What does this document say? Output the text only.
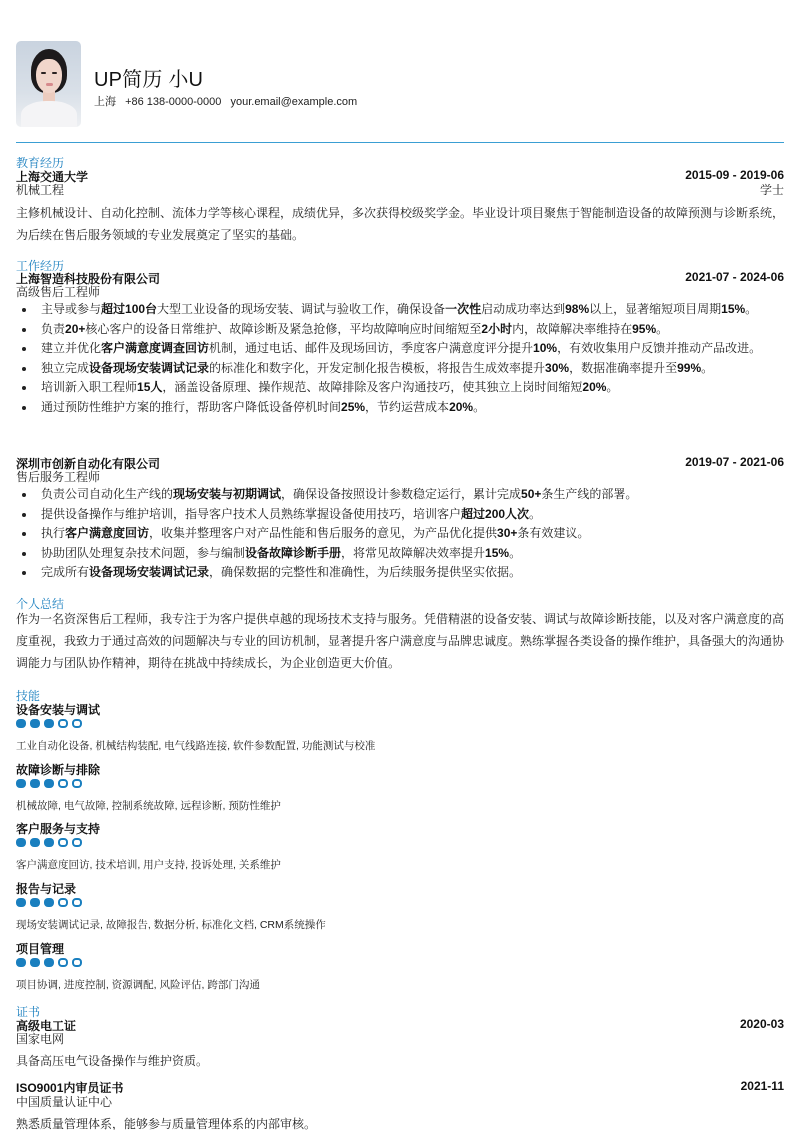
UP简历 小U
上海 +86 138-0000-0000 your.email@example.com
教育经历
上海交通大学	2015-09 - 2019-06
机械工程	学士
主修机械设计、自动化控制、流体力学等核心课程，成绩优异，多次获得校级奖学金。毕业设计项目聚焦于智能制造设备的故障预测与诊断系统，为后续在售后服务领域的专业发展奠定了坚实的基础。
工作经历
上海智造科技股份有限公司	2021-07 - 2024-06
高级售后工程师
主导或参与超过100台大型工业设备的现场安装、调试与验收工作，确保设备一次性启动成功率达到98%以上，显著缩短项目周期15%。
负责20+核心客户的设备日常维护、故障诊断及紧急抢修，平均故障响应时间缩短至2小时内，故障解决率维持在95%。
建立并优化客户满意度调查回访机制，通过电话、邮件及现场回访，季度客户满意度评分提升10%，有效收集用户反馈并推动产品改进。
独立完成设备现场安装调试记录的标准化和数字化，开发定制化报告模板，将报告生成效率提升30%，数据准确率提升至99%。
培训新入职工程师15人，涵盖设备原理、操作规范、故障排除及客户沟通技巧，使其独立上岗时间缩短20%。
通过预防性维护方案的推行，帮助客户降低设备停机时间25%，节约运营成本20%。
深圳市创新自动化有限公司	2019-07 - 2021-06
售后服务工程师
负责公司自动化生产线的现场安装与初期调试，确保设备按照设计参数稳定运行，累计完成50+条生产线的部署。
提供设备操作与维护培训，指导客户技术人员熟练掌握设备使用技巧，培训客户超过200人次。
执行客户满意度回访，收集并整理客户对产品性能和售后服务的意见，为产品优化提供30+条有效建议。
协助团队处理复杂技术问题，参与编制设备故障诊断手册，将常见故障解决效率提升15%。
完成所有设备现场安装调试记录，确保数据的完整性和准确性，为后续服务提供坚实依据。
个人总结
作为一名资深售后工程师，我专注于为客户提供卓越的现场技术支持与服务。凭借精湛的设备安装、调试与故障诊断技能，以及对客户满意度的高度重视，我致力于通过高效的问题解决与专业的回访机制，显著提升客户满意度与品牌忠诚度。熟练掌握各类设备的操作维护，具备强大的沟通协调能力与团队协作精神，期待在挑战中持续成长，为企业创造更大价值。
技能
设备安装与调试
工业自动化设备, 机械结构装配, 电气线路连接, 软件参数配置, 功能测试与校准
故障诊断与排除
机械故障, 电气故障, 控制系统故障, 远程诊断, 预防性维护
客户服务与支持
客户满意度回访, 技术培训, 用户支持, 投诉处理, 关系维护
报告与记录
现场安装调试记录, 故障报告, 数据分析, 标准化文档, CRM系统操作
项目管理
项目协调, 进度控制, 资源调配, 风险评估, 跨部门沟通
证书
高级电工证	2020-03
国家电网
具备高压电气设备操作与维护资质。
ISO9001内审员证书	2021-11
中国质量认证中心
熟悉质量管理体系，能够参与质量管理体系的内部审核。
